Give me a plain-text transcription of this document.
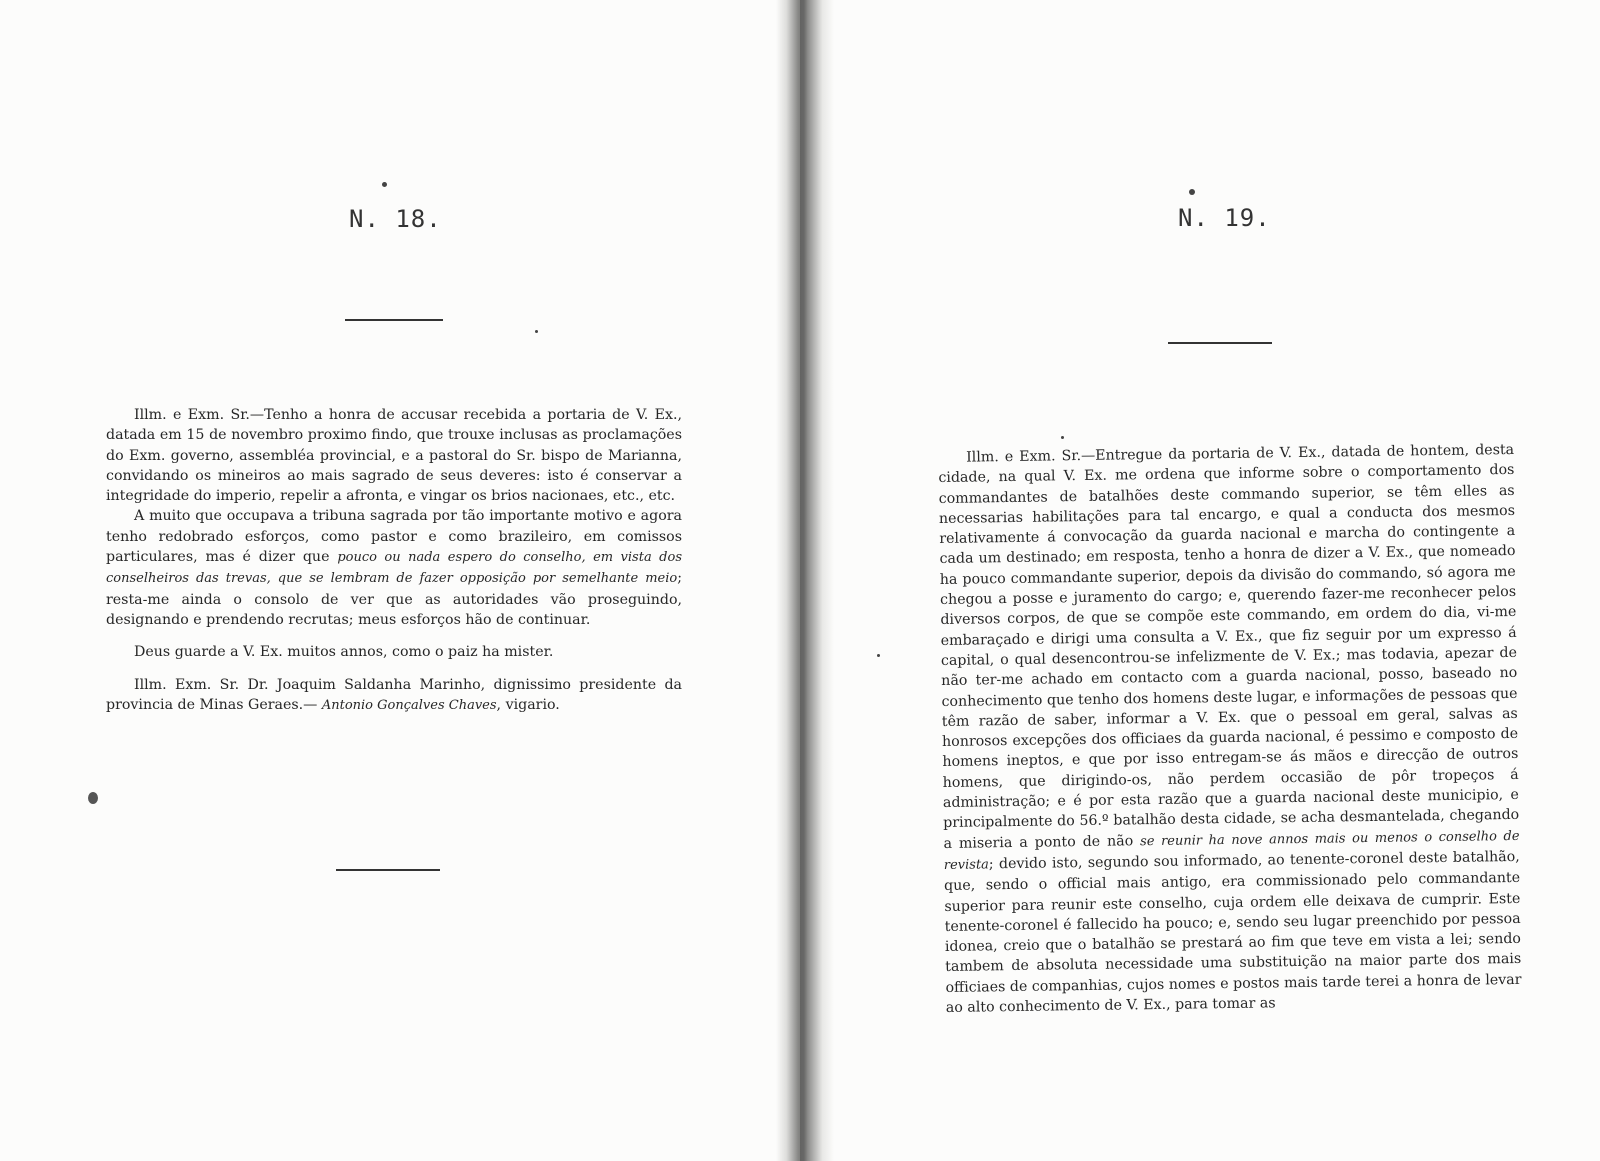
N. 18.

Illm. e Exm. Sr.—Tenho a honra de accusar recebida a portaria de V. Ex., datada em 15 de novembro proximo findo, que trouxe inclusas as proclamações do Exm. governo, assembléa provincial, e a pastoral do Sr. bispo de Marianna, convidando os mineiros ao mais sagrado de seus deveres: isto é conservar a integridade do imperio, repelir a afronta, e vingar os brios nacionaes, etc., etc.

A muito que occupava a tribuna sagrada por tão importante motivo e agora tenho redobrado esforços, como pastor e como brazileiro, em comissos particulares, mas é dizer que pouco ou nada espero do conselho, em vista dos conselheiros das trevas, que se lembram de fazer opposição por semelhante meio; resta-me ainda o consolo de ver que as autoridades vão proseguindo, designando e prendendo recrutas; meus esforços hão de continuar.

Deus guarde a V. Ex. muitos annos, como o paiz ha mister.

Illm. Exm. Sr. Dr. Joaquim Saldanha Marinho, dignissimo presidente da provincia de Minas Geraes.— Antonio Gonçalves Chaves, vigario.

N. 19.

Illm. e Exm. Sr.—Entregue da portaria de V. Ex., datada de hontem, desta cidade, na qual V. Ex. me ordena que informe sobre o comportamento dos commandantes de batalhões deste commando superior, se têm elles as necessarias habilitações para tal encargo, e qual a conducta dos mesmos relativamente á convocação da guarda nacional e marcha do contingente a cada um destinado; em resposta, tenho a honra de dizer a V. Ex., que nomeado ha pouco commandante superior, depois da divisão do commando, só agora me chegou a posse e juramento do cargo; e, querendo fazer-me reconhecer pelos diversos corpos, de que se compõe este commando, em ordem do dia, vi-me embaraçado e dirigi uma consulta a V. Ex., que fiz seguir por um expresso á capital, o qual desencontrou-se infelizmente de V. Ex.; mas todavia, apezar de não ter-me achado em contacto com a guarda nacional, posso, baseado no conhecimento que tenho dos homens deste lugar, e informações de pessoas que têm razão de saber, informar a V. Ex. que o pessoal em geral, salvas as honrosos excepções dos officiaes da guarda nacional, é pessimo e composto de homens ineptos, e que por isso entregam-se ás mãos e direcção de outros homens, que dirigindo-os, não perdem occasião de pôr tropeços á administração; e é por esta razão que a guarda nacional deste municipio, e principalmente do 56.º batalhão desta cidade, se acha desmantelada, chegando a miseria a ponto de não se reunir ha nove annos mais ou menos o conselho de revista; devido isto, segundo sou informado, ao tenente-coronel deste batalhão, que, sendo o official mais antigo, era commissionado pelo commandante superior para reunir este conselho, cuja ordem elle deixava de cumprir. Este tenente-coronel é fallecido ha pouco; e, sendo seu lugar preenchido por pessoa idonea, creio que o batalhão se prestará ao fim que teve em vista a lei; sendo tambem de absoluta necessidade uma substituição na maior parte dos mais officiaes de companhias, cujos nomes e postos mais tarde terei a honra de levar ao alto conhecimento de V. Ex., para tomar as
